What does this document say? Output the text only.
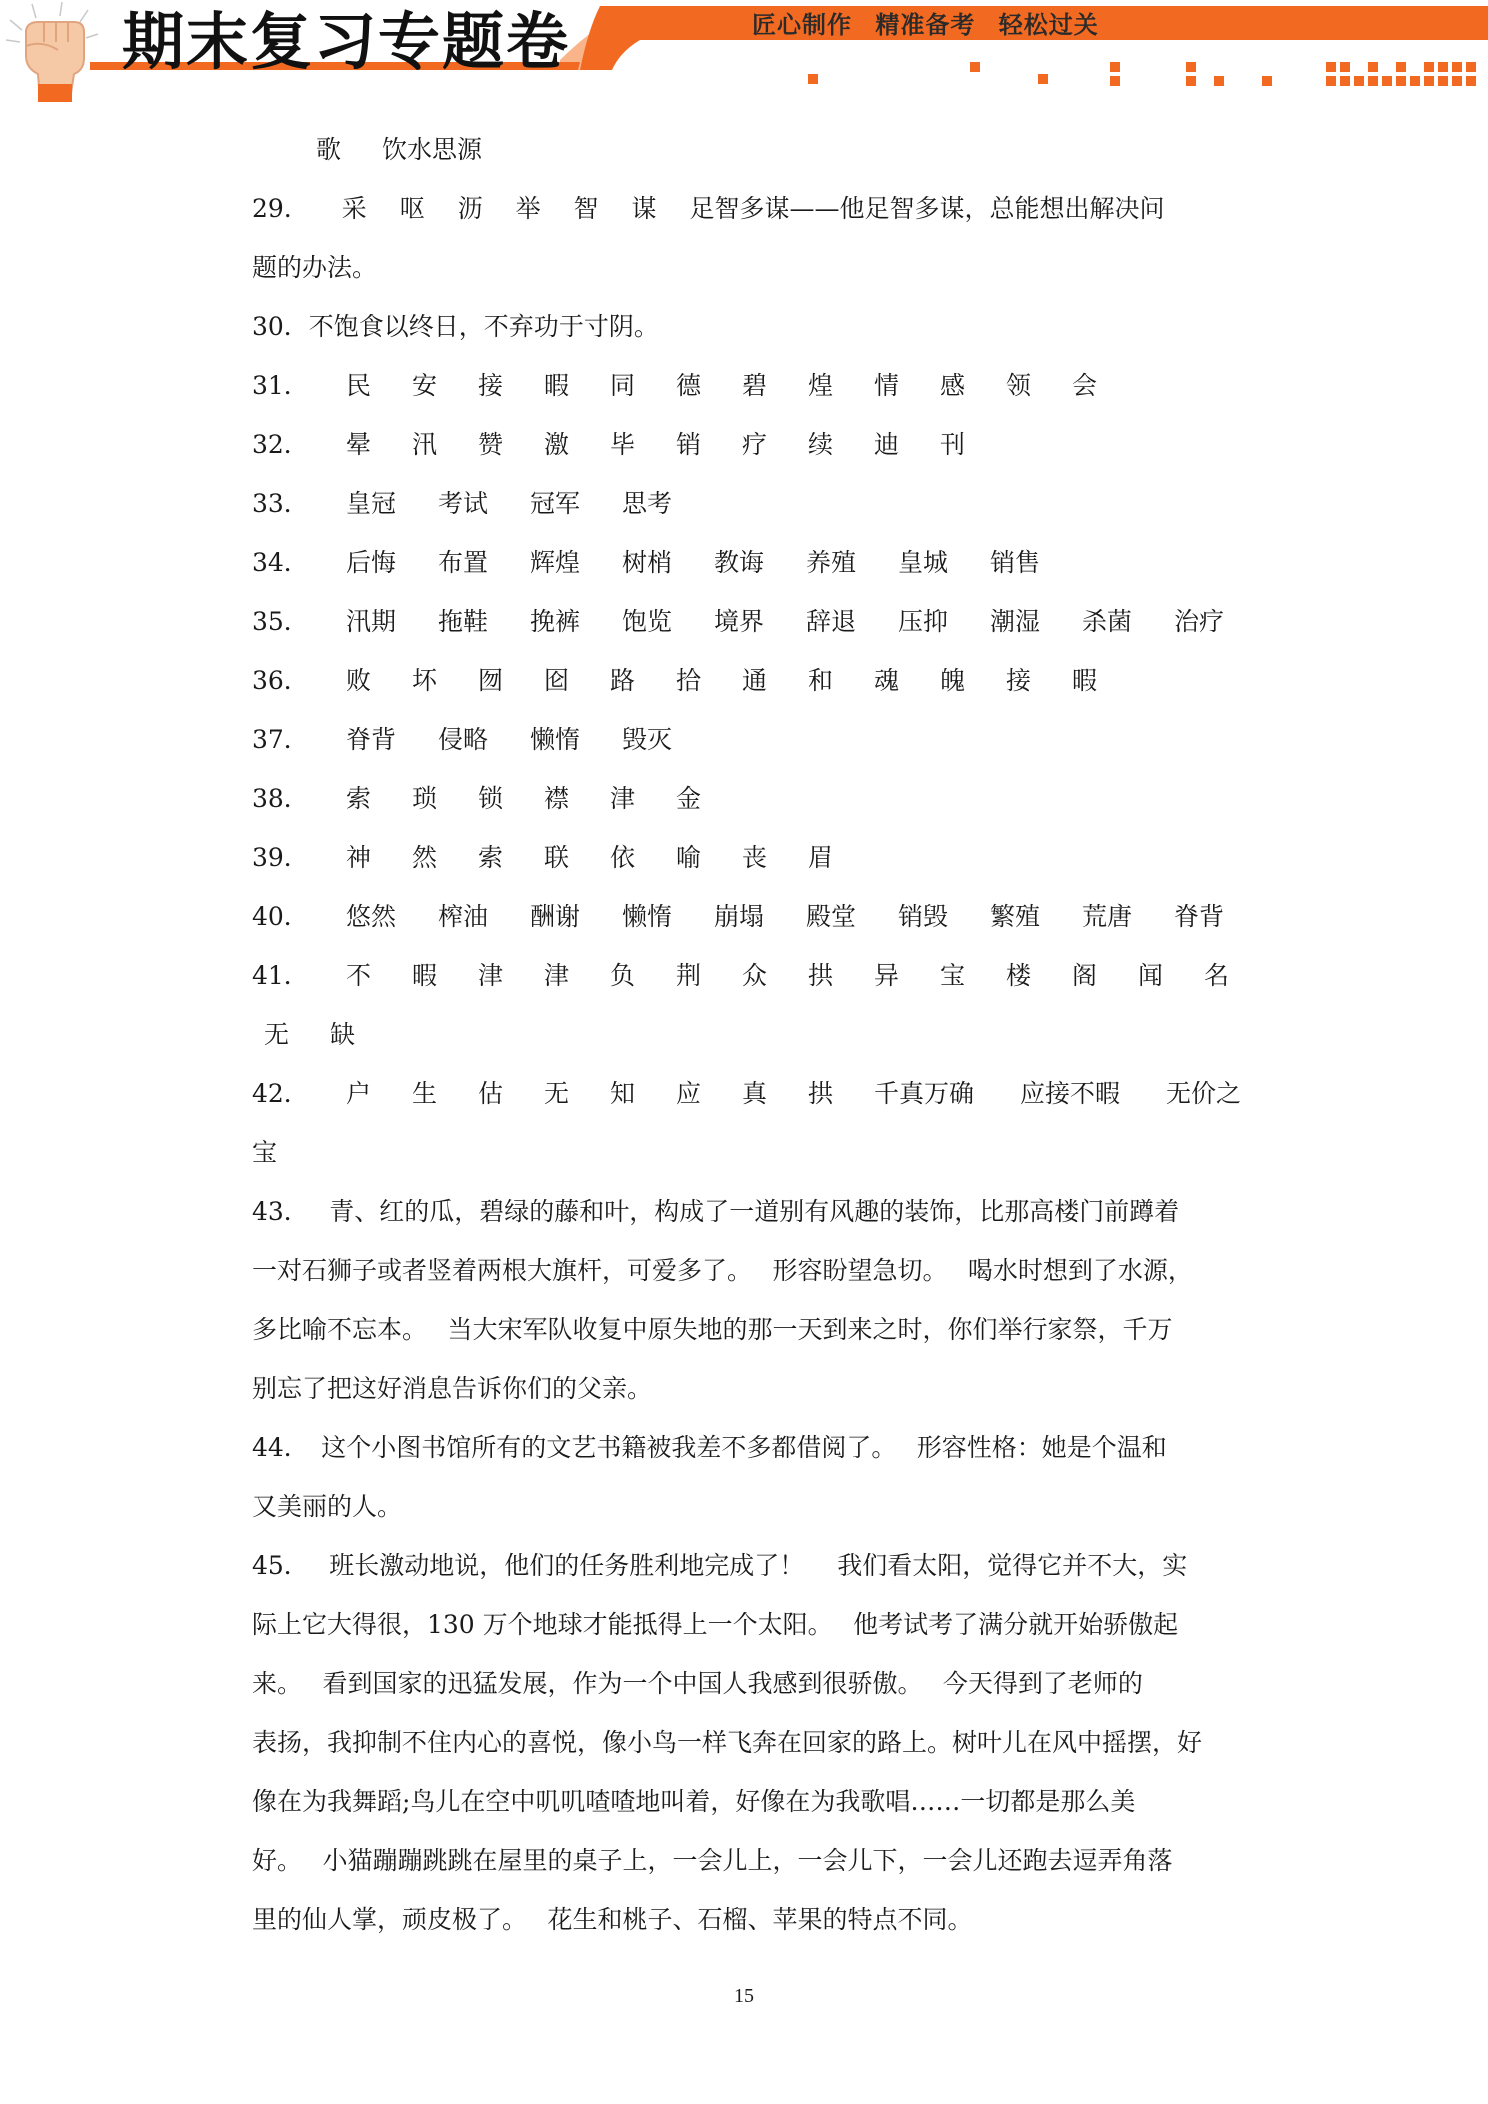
期末复习专题卷	匠心制作 精准备考 轻松过关
歌 饮水思源
29.　　采　 呕　 沥　 举　 智　 谋　 足智多谋——他足智多谋，总能想出解决问
题的办法。
30．不饱食以终日，不弃功于寸阴。
31． 民 安 接 暇 同 德 碧 煌 情 感 领 会
32． 晕 汛 赞 激 毕 销 疗 续 迪 刊
33． 皇冠 考试 冠军 思考
34． 后悔 布置 辉煌 树梢 教诲 养殖 皇城 销售
35． 汛期 拖鞋 挽裤 饱览 境界 辞退 压抑 潮湿 杀菌 治疗
36． 败 坏 囫 囵 路 拾 通 和 魂 魄 接 暇
37． 脊背 侵略 懒惰 毁灭
38． 索 琐 锁 襟 津 金
39． 神 然 索 联 依 喻 丧 眉
40． 悠然 榨油 酬谢 懒惰 崩塌 殿堂 销毁 繁殖 荒唐 脊背
41． 不 暇 津 津 负 荆 众 拱 异 宝 楼 阁 闻 名
无 缺
42． 户 生 估 无 知 应 真 拱 千真万确 应接不暇 无价之
宝
43．　 青、红的瓜，碧绿的藤和叶，构成了一道别有风趣的装饰，比那高楼门前蹲着
一对石狮子或者竖着两根大旗杆，可爱多了。　 形容盼望急切。　 喝水时想到了水源，
多比喻不忘本。　 当大宋军队收复中原失地的那一天到来之时，你们举行家祭，千万
别忘了把这好消息告诉你们的父亲。
44．　这个小图书馆所有的文艺书籍被我差不多都借阅了。　 形容性格：她是个温和
又美丽的人。
45．　 班长激动地说，他们的任务胜利地完成了！　 我们看太阳，觉得它并不大，实
际上它大得很，130 万个地球才能抵得上一个太阳。　 他考试考了满分就开始骄傲起
来。　 看到国家的迅猛发展，作为一个中国人我感到很骄傲。　 今天得到了老师的
表扬，我抑制不住内心的喜悦，像小鸟一样飞奔在回家的路上。树叶儿在风中摇摆，好
像在为我舞蹈;鸟儿在空中叽叽喳喳地叫着，好像在为我歌唱……一切都是那么美
好。　 小猫蹦蹦跳跳在屋里的桌子上，一会儿上，一会儿下，一会儿还跑去逗弄角落
里的仙人掌，顽皮极了。　 花生和桃子、石榴、苹果的特点不同。
15
